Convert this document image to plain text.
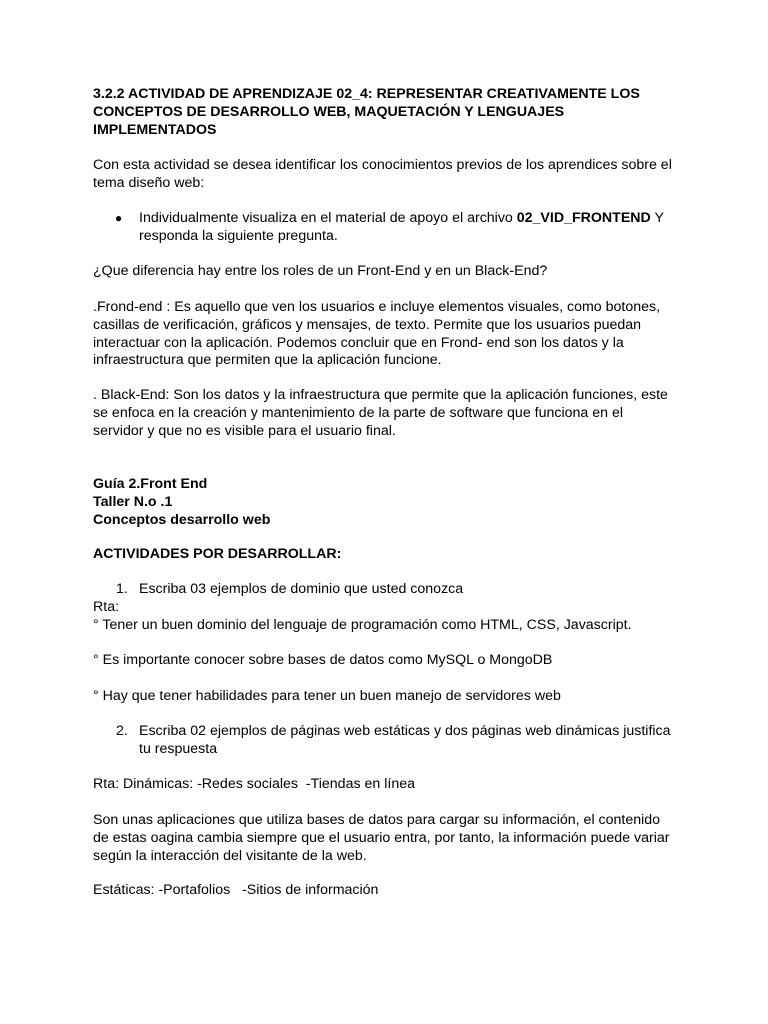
3.2.2 ACTIVIDAD DE APRENDIZAJE 02_4: REPRESENTAR CREATIVAMENTE LOS
CONCEPTOS DE DESARROLLO WEB, MAQUETACIÓN Y LENGUAJES
IMPLEMENTADOS
Con esta actividad se desea identificar los conocimientos previos de los aprendices sobre el
tema diseño web:
● Individualmente visualiza en el material de apoyo el archivo 02_VID_FRONTEND Y
responda la siguiente pregunta.
¿Que diferencia hay entre los roles de un Front-End y en un Black-End?
.Frond-end : Es aquello que ven los usuarios e incluye elementos visuales, como botones,
casillas de verificación, gráficos y mensajes, de texto. Permite que los usuarios puedan
interactuar con la aplicación. Podemos concluir que en Frond- end son los datos y la
infraestructura que permiten que la aplicación funcione.
. Black-End: Son los datos y la infraestructura que permite que la aplicación funciones, este
se enfoca en la creación y mantenimiento de la parte de software que funciona en el
servidor y que no es visible para el usuario final.
Guía 2.Front End
Taller N.o .1
Conceptos desarrollo web
ACTIVIDADES POR DESARROLLAR:
1. Escriba 03 ejemplos de dominio que usted conozca
Rta:
° Tener un buen dominio del lenguaje de programación como HTML, CSS, Javascript.
° Es importante conocer sobre bases de datos como MySQL o MongoDB
° Hay que tener habilidades para tener un buen manejo de servidores web
2. Escriba 02 ejemplos de páginas web estáticas y dos páginas web dinámicas justifica
tu respuesta
Rta: Dinámicas: -Redes sociales  -Tiendas en línea
Son unas aplicaciones que utiliza bases de datos para cargar su información, el contenido
de estas oagina cambia siempre que el usuario entra, por tanto, la información puede variar
según la interacción del visitante de la web.
Estáticas: -Portafolios   -Sitios de información
